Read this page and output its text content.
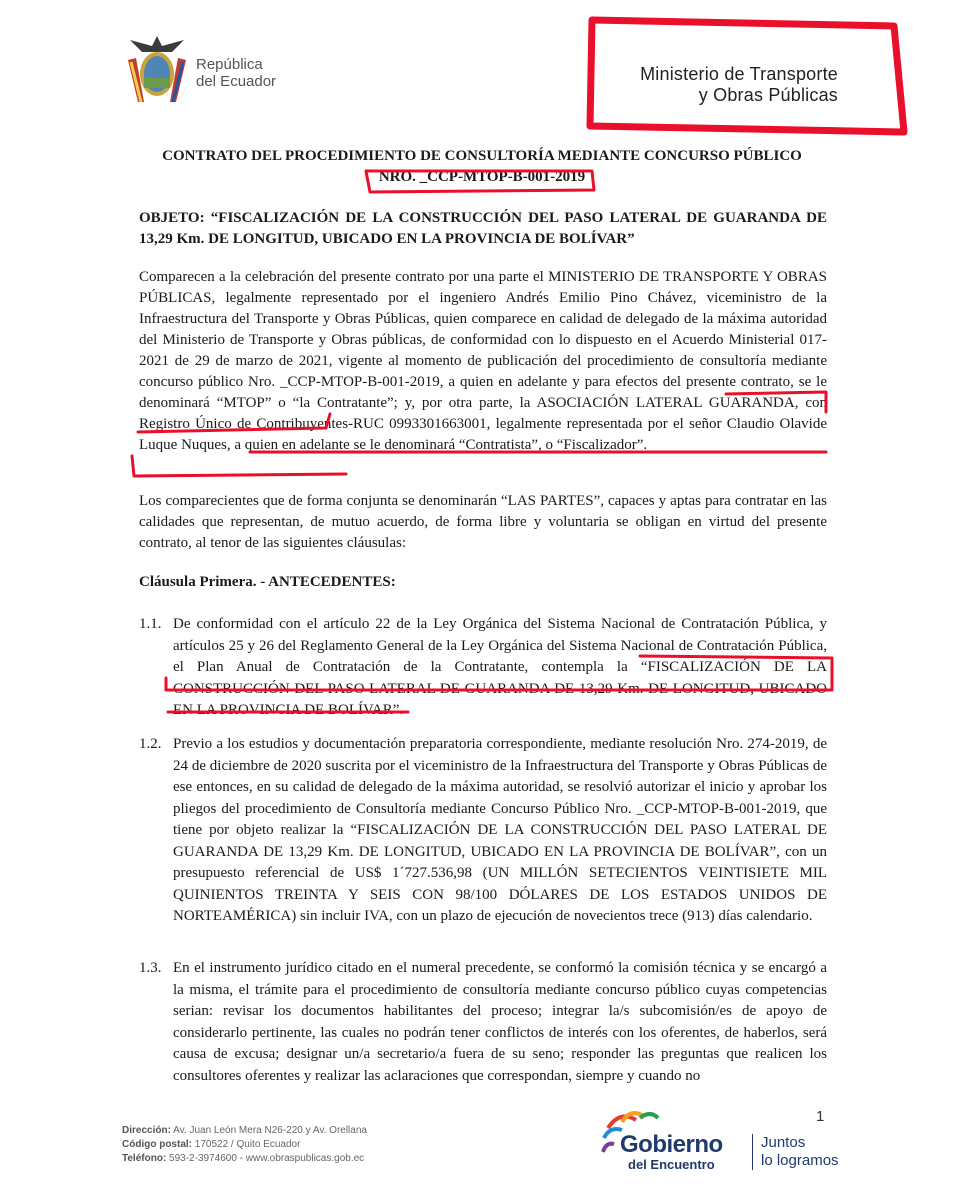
República
del Ecuador	Ministerio de Transporte
y Obras Públicas
CONTRATO DEL PROCEDIMIENTO DE CONSULTORÍA MEDIANTE CONCURSO PÚBLICO
NRO. _CCP-MTOP-B-001-2019
OBJETO: “FISCALIZACIÓN DE LA CONSTRUCCIÓN DEL PASO LATERAL DE GUARANDA DE 13,29 Km. DE LONGITUD, UBICADO EN LA PROVINCIA DE BOLÍVAR”
Comparecen a la celebración del presente contrato por una parte el MINISTERIO DE TRANSPORTE Y OBRAS PÚBLICAS, legalmente representado por el ingeniero Andrés Emilio Pino Chávez, viceministro de la Infraestructura del Transporte y Obras Públicas, quien comparece en calidad de delegado de la máxima autoridad del Ministerio de Transporte y Obras públicas, de conformidad con lo dispuesto en el Acuerdo Ministerial 017-2021 de 29 de marzo de 2021, vigente al momento de publicación del procedimiento de consultoría mediante concurso público Nro. _CCP-MTOP-B-001-2019, a quien en adelante y para efectos del presente contrato, se le denominará “MTOP” o “la Contratante”; y, por otra parte, la ASOCIACIÓN LATERAL GUARANDA, con Registro Único de Contribuyentes-RUC 0993301663001, legalmente representada por el señor Claudio Olavide Luque Nuques, a quien en adelante se le denominará “Contratista”, o “Fiscalizador”.
Los comparecientes que de forma conjunta se denominarán “LAS PARTES”, capaces y aptas para contratar en las calidades que representan, de mutuo acuerdo, de forma libre y voluntaria se obligan en virtud del presente contrato, al tenor de las siguientes cláusulas:
Cláusula Primera. - ANTECEDENTES:
1.1. De conformidad con el artículo 22 de la Ley Orgánica del Sistema Nacional de Contratación Pública, y artículos 25 y 26 del Reglamento General de la Ley Orgánica del Sistema Nacional de Contratación Pública, el Plan Anual de Contratación de la Contratante, contempla la “FISCALIZACIÓN DE LA CONSTRUCCIÓN DEL PASO LATERAL DE GUARANDA DE 13,29 Km. DE LONGITUD, UBICADO EN LA PROVINCIA DE BOLÍVAR”.
1.2. Previo a los estudios y documentación preparatoria correspondiente, mediante resolución Nro. 274-2019, de 24 de diciembre de 2020 suscrita por el viceministro de la Infraestructura del Transporte y Obras Públicas de ese entonces, en su calidad de delegado de la máxima autoridad, se resolvió autorizar el inicio y aprobar los pliegos del procedimiento de Consultoría mediante Concurso Público Nro. _CCP-MTOP-B-001-2019, que tiene por objeto realizar la “FISCALIZACIÓN DE LA CONSTRUCCIÓN DEL PASO LATERAL DE GUARANDA DE 13,29 Km. DE LONGITUD, UBICADO EN LA PROVINCIA DE BOLÍVAR”, con un presupuesto referencial de US$ 1´727.536,98 (UN MILLÓN SETECIENTOS VEINTISIETE MIL QUINIENTOS TREINTA Y SEIS CON 98/100 DÓLARES DE LOS ESTADOS UNIDOS DE NORTEAMÉRICA) sin incluir IVA, con un plazo de ejecución de novecientos trece (913) días calendario.
1.3. En el instrumento jurídico citado en el numeral precedente, se conformó la comisión técnica y se encargó a la misma, el trámite para el procedimiento de consultoría mediante concurso público cuyas competencias serian: revisar los documentos habilitantes del proceso; integrar la/s subcomisión/es de apoyo de considerarlo pertinente, las cuales no podrán tener conflictos de interés con los oferentes, de haberlos, será causa de excusa; designar un/a secretario/a fuera de su seno; responder las preguntas que realicen los consultores oferentes y realizar las aclaraciones que correspondan, siempre y cuando no
1
Dirección: Av. Juan León Mera N26-220 y Av. Orellana
Código postal: 170522 / Quito Ecuador
Teléfono: 593-2-3974600 - www.obraspublicas.gob.ec
Gobierno
del Encuentro
Juntos
lo logramos
